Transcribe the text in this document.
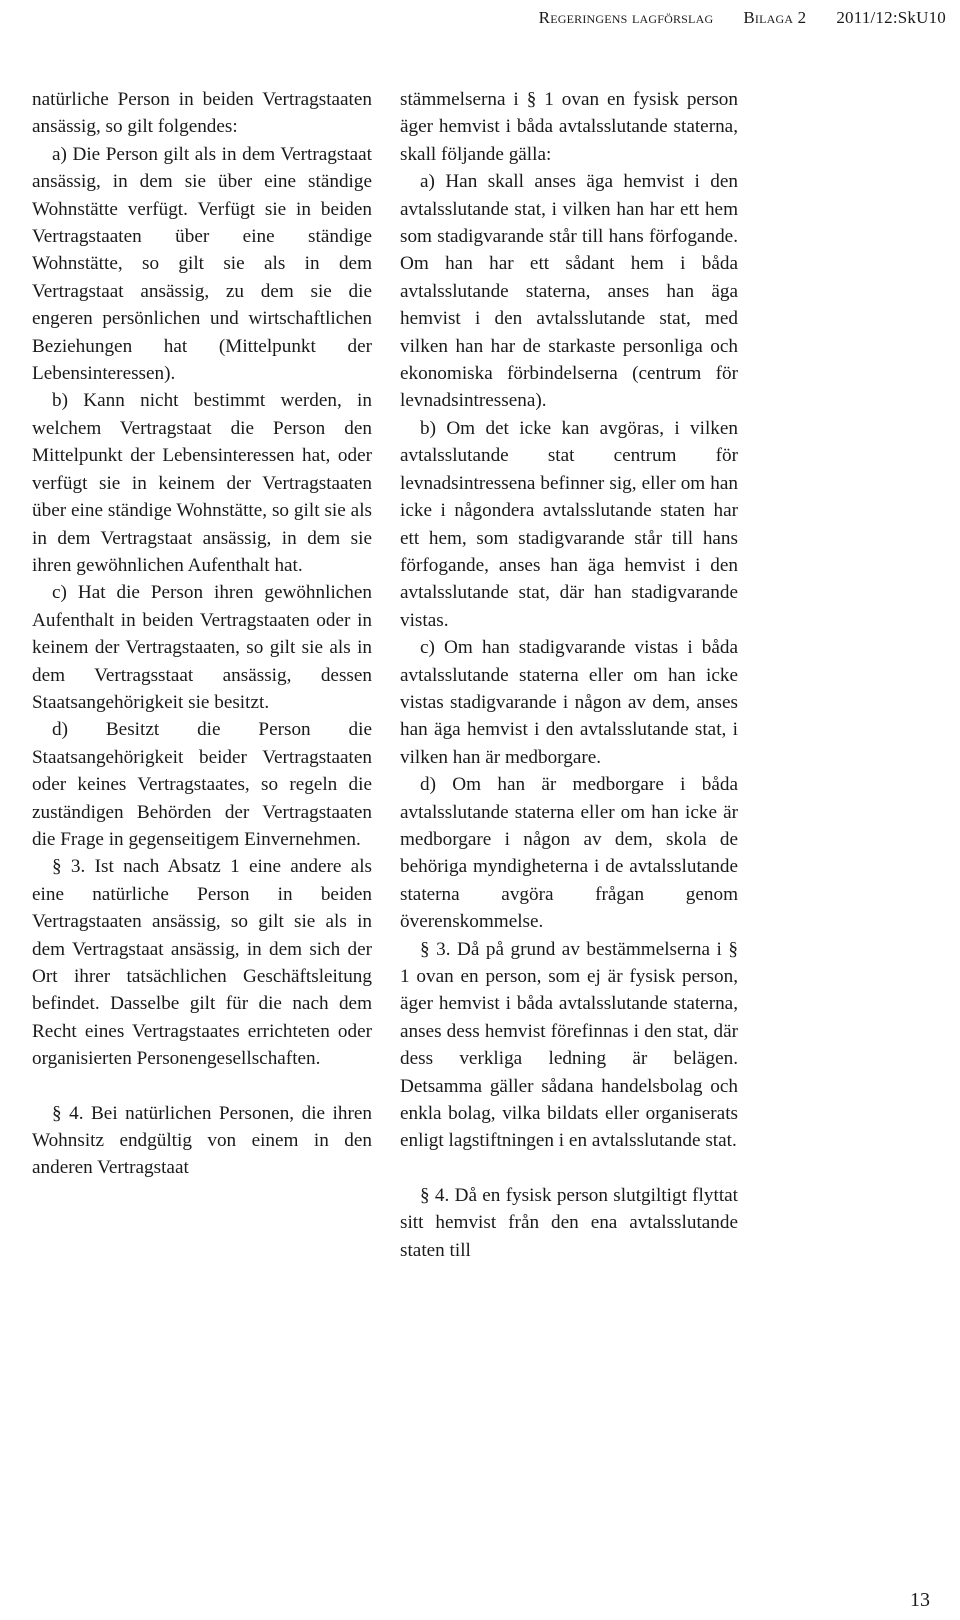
Regeringens lagförslag Bilaga 2 2011/12:SkU10

natürliche Person in beiden Vertragstaaten ansässig, so gilt folgendes:

a) Die Person gilt als in dem Vertragstaat ansässig, in dem sie über eine ständige Wohnstätte verfügt. Verfügt sie in beiden Vertragstaaten über eine ständige Wohnstätte, so gilt sie als in dem Vertragstaat ansässig, zu dem sie die engeren persönlichen und wirtschaftlichen Beziehungen hat (Mittelpunkt der Lebensinteressen).

b) Kann nicht bestimmt werden, in welchem Vertragstaat die Person den Mittelpunkt der Lebensinteressen hat, oder verfügt sie in keinem der Vertragstaaten über eine ständige Wohnstätte, so gilt sie als in dem Vertragstaat ansässig, in dem sie ihren gewöhnlichen Aufenthalt hat.

c) Hat die Person ihren gewöhnlichen Aufenthalt in beiden Vertragstaaten oder in keinem der Vertragstaaten, so gilt sie als in dem Vertragsstaat ansässig, dessen Staatsangehörigkeit sie besitzt.

d) Besitzt die Person die Staatsangehörigkeit beider Vertragstaaten oder keines Vertragstaates, so regeln die zuständigen Behörden der Vertragstaaten die Frage in gegenseitigem Einvernehmen.

§ 3. Ist nach Absatz 1 eine andere als eine natürliche Person in beiden Vertragstaaten ansässig, so gilt sie als in dem Vertragstaat ansässig, in dem sich der Ort ihrer tatsächlichen Geschäftsleitung befindet. Dasselbe gilt für die nach dem Recht eines Vertragstaates errichteten oder organisierten Personengesellschaften.

§ 4. Bei natürlichen Personen, die ihren Wohnsitz endgültig von einem in den anderen Vertragstaat

stämmelserna i § 1 ovan en fysisk person äger hemvist i båda avtalsslutande staterna, skall följande gälla:

a) Han skall anses äga hemvist i den avtalsslutande stat, i vilken han har ett hem som stadigvarande står till hans förfogande. Om han har ett sådant hem i båda avtalsslutande staterna, anses han äga hemvist i den avtalsslutande stat, med vilken han har de starkaste personliga och ekonomiska förbindelserna (centrum för levnadsintressena).

b) Om det icke kan avgöras, i vilken avtalsslutande stat centrum för levnadsintressena befinner sig, eller om han icke i någondera avtalsslutande staten har ett hem, som stadigvarande står till hans förfogande, anses han äga hemvist i den avtalsslutande stat, där han stadigvarande vistas.

c) Om han stadigvarande vistas i båda avtalsslutande staterna eller om han icke vistas stadigvarande i någon av dem, anses han äga hemvist i den avtalsslutande stat, i vilken han är medborgare.

d) Om han är medborgare i båda avtalsslutande staterna eller om han icke är medborgare i någon av dem, skola de behöriga myndigheterna i de avtalsslutande staterna avgöra frågan genom överenskommelse.

§ 3. Då på grund av bestämmelserna i § 1 ovan en person, som ej är fysisk person, äger hemvist i båda avtalsslutande staterna, anses dess hemvist förefinnas i den stat, där dess verkliga ledning är belägen. Detsamma gäller sådana handelsbolag och enkla bolag, vilka bildats eller organiserats enligt lagstiftningen i en avtalsslutande stat.

§ 4. Då en fysisk person slutgiltigt flyttat sitt hemvist från den ena avtalsslutande staten till

13
